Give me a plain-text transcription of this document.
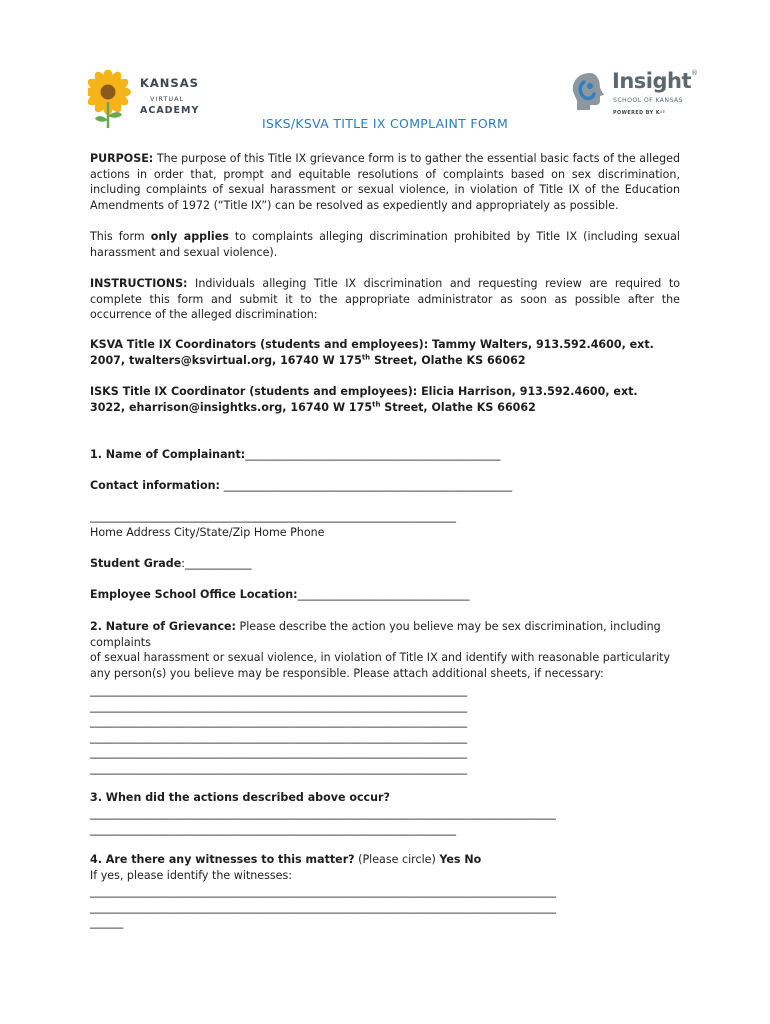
KANSAS
VIRTUAL
ACADEMY
Insight®
SCHOOL OF KANSAS
POWERED BY K¹²
ISKS/KSVA TITLE IX COMPLAINT FORM
PURPOSE: The purpose of this Title IX grievance form is to gather the essential basic facts of the alleged actions in order that, prompt and equitable resolutions of complaints based on sex discrimination, including complaints of sexual harassment or sexual violence, in violation of Title IX of the Education Amendments of 1972 (“Title IX”) can be resolved as expediently and appropriately as possible.
This form only applies to complaints alleging discrimination prohibited by Title IX (including sexual harassment and sexual violence).
INSTRUCTIONS: Individuals alleging Title IX discrimination and requesting review are required to complete this form and submit it to the appropriate administrator as soon as possible after the occurrence of the alleged discrimination:
KSVA Title IX Coordinators (students and employees): Tammy Walters, 913.592.4600, ext.
2007, twalters@ksvirtual.org, 16740 W 175th Street, Olathe KS 66062
ISKS Title IX Coordinator (students and employees): Elicia Harrison, 913.592.4600, ext.
3022, eharrison@insightks.org, 16740 W 175th Street, Olathe KS 66062
1. Name of Complainant:______________________________________________
Contact information: ____________________________________________________
__________________________________________________________________
Home Address City/State/Zip Home Phone
Student Grade:____________
Employee School Office Location:_______________________________
2. Nature of Grievance: Please describe the action you believe may be sex discrimination, including
complaints
of sexual harassment or sexual violence, in violation of Title IX and identify with reasonable particularity
any person(s) you believe may be responsible. Please attach additional sheets, if necessary:
____________________________________________________________________
____________________________________________________________________
____________________________________________________________________
____________________________________________________________________
____________________________________________________________________
____________________________________________________________________
3. When did the actions described above occur?
____________________________________________________________________________________
__________________________________________________________________
4. Are there any witnesses to this matter? (Please circle) Yes No
If yes, please identify the witnesses:
____________________________________________________________________________________
____________________________________________________________________________________
______
